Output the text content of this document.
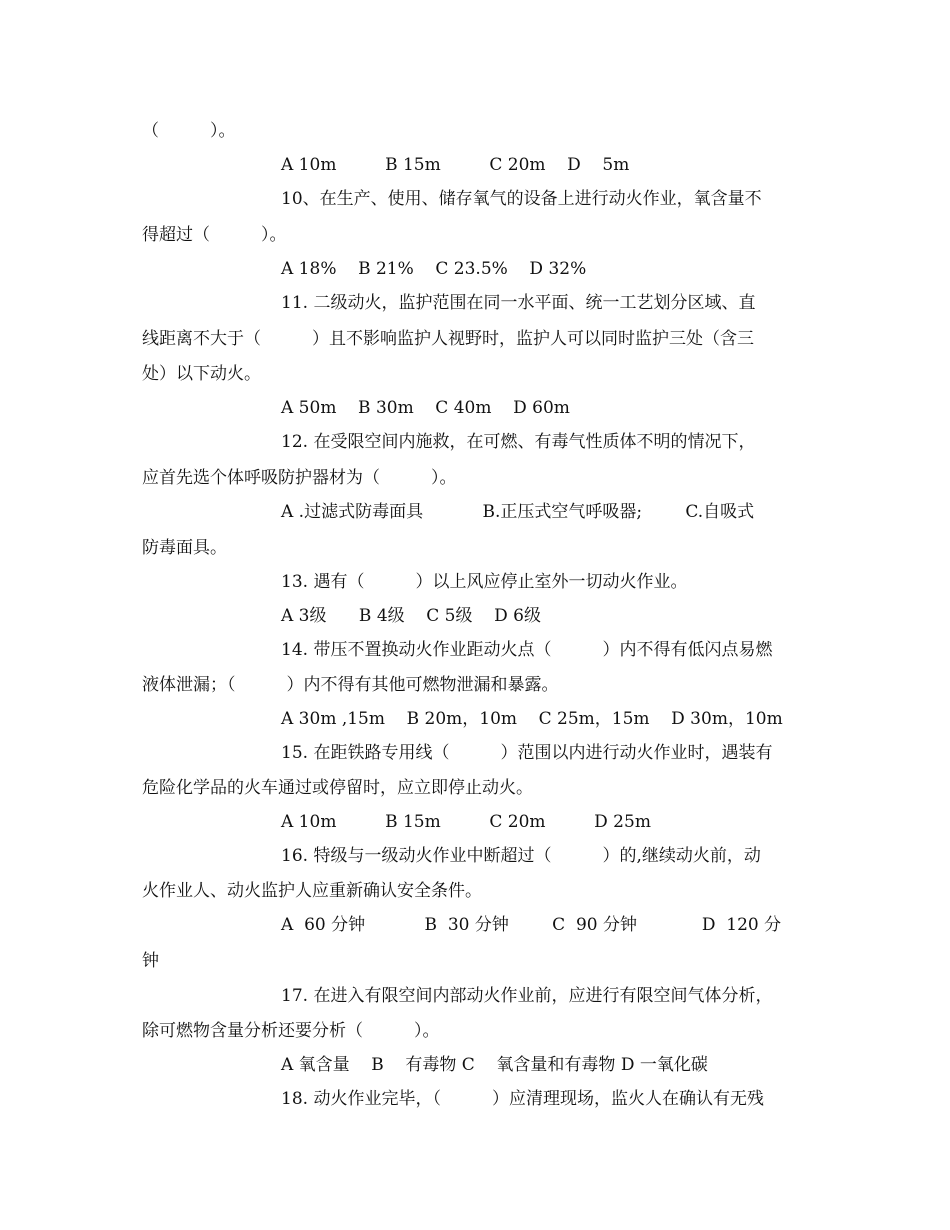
（　　　）。
A 10m         B 15m         C 20m    D    5m
10、在生产、使用、储存氧气的设备上进行动火作业，氧含量不
得超过（　　　）。
A 18%    B 21%    C 23.5%    D 32%
11. 二级动火，监护范围在同一水平面、统一工艺划分区域、直
线距离不大于（　　　）且不影响监护人视野时，监护人可以同时监护三处（含三
处）以下动火。
A 50m    B 30m    C 40m    D 60m
12. 在受限空间内施救，在可燃、有毒气性质体不明的情况下，
应首先选个体呼吸防护器材为（　　　）。
A .过滤式防毒面具           B.正压式空气呼吸器;        C.自吸式
防毒面具。
13. 遇有（　　　）以上风应停止室外一切动火作业。
A 3级      B 4级    C 5级    D 6级
14. 带压不置换动火作业距动火点（　　　）内不得有低闪点易燃
液体泄漏；（　　　）内不得有其他可燃物泄漏和暴露。
A 30m ,15m    B 20m，10m    C 25m，15m    D 30m，10m
15. 在距铁路专用线（　　　）范围以内进行动火作业时，遇装有
危险化学品的火车通过或停留时，应立即停止动火。
A 10m         B 15m         C 20m         D 25m
16. 特级与一级动火作业中断超过（　　　）的,继续动火前，动
火作业人、动火监护人应重新确认安全条件。
A  60 分钟           B  30 分钟        C  90 分钟            D  120 分
钟
17. 在进入有限空间内部动火作业前，应进行有限空间气体分析，
除可燃物含量分析还要分析（　　　）。
A 氧含量    B    有毒物 C    氧含量和有毒物 D 一氧化碳
18. 动火作业完毕，（　　　）应清理现场，监火人在确认有无残
